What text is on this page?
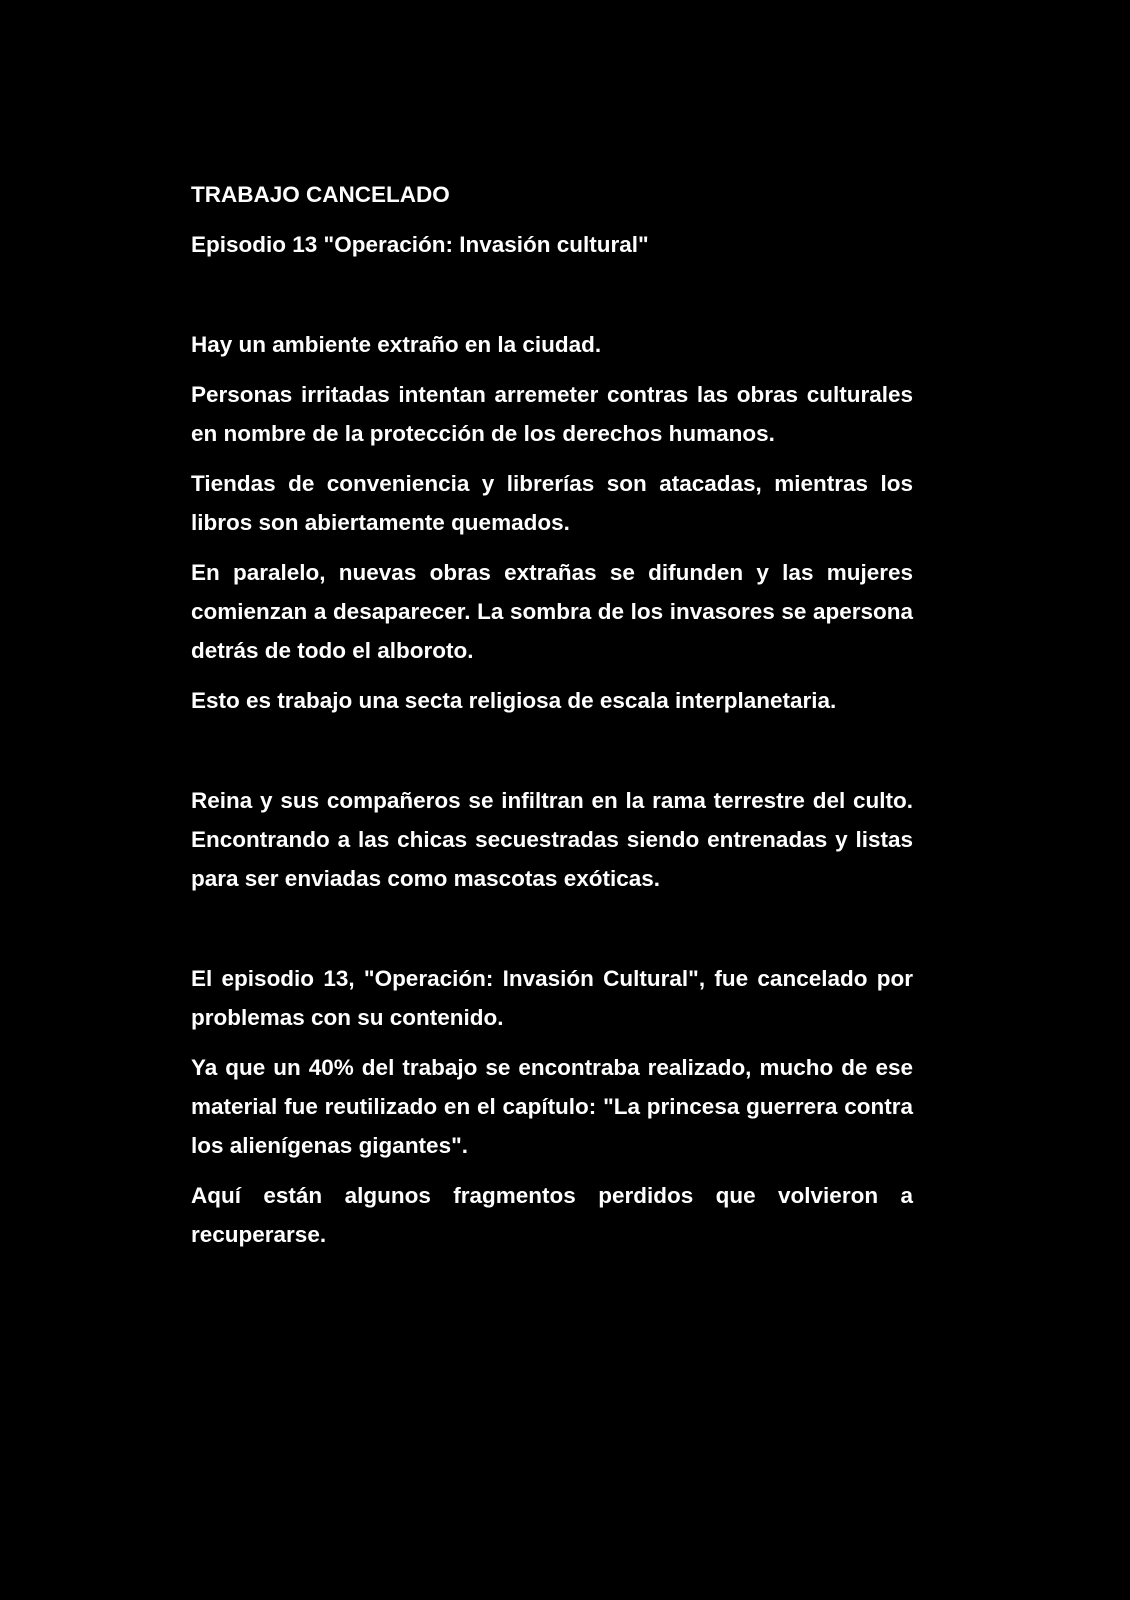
TRABAJO CANCELADO

Episodio 13 "Operación: Invasión cultural"

Hay un ambiente extraño en la ciudad.

Personas irritadas intentan arremeter contras las obras culturales en nombre de la protección de los derechos humanos.

Tiendas de conveniencia y librerías son atacadas, mientras los libros son abiertamente quemados.

En paralelo, nuevas obras extrañas se difunden y las mujeres comienzan a desaparecer. La sombra de los invasores se apersona detrás de todo el alboroto.

Esto es trabajo una secta religiosa de escala interplanetaria.

Reina y sus compañeros se infiltran en la rama terrestre del culto. Encontrando a las chicas secuestradas siendo entrenadas y listas para ser enviadas como mascotas exóticas.

El episodio 13, "Operación: Invasión Cultural", fue cancelado por problemas con su contenido.

Ya que un 40% del trabajo se encontraba realizado, mucho de ese material fue reutilizado en el capítulo: "La princesa guerrera contra los alienígenas gigantes".

Aquí están algunos fragmentos perdidos que volvieron a recuperarse.
